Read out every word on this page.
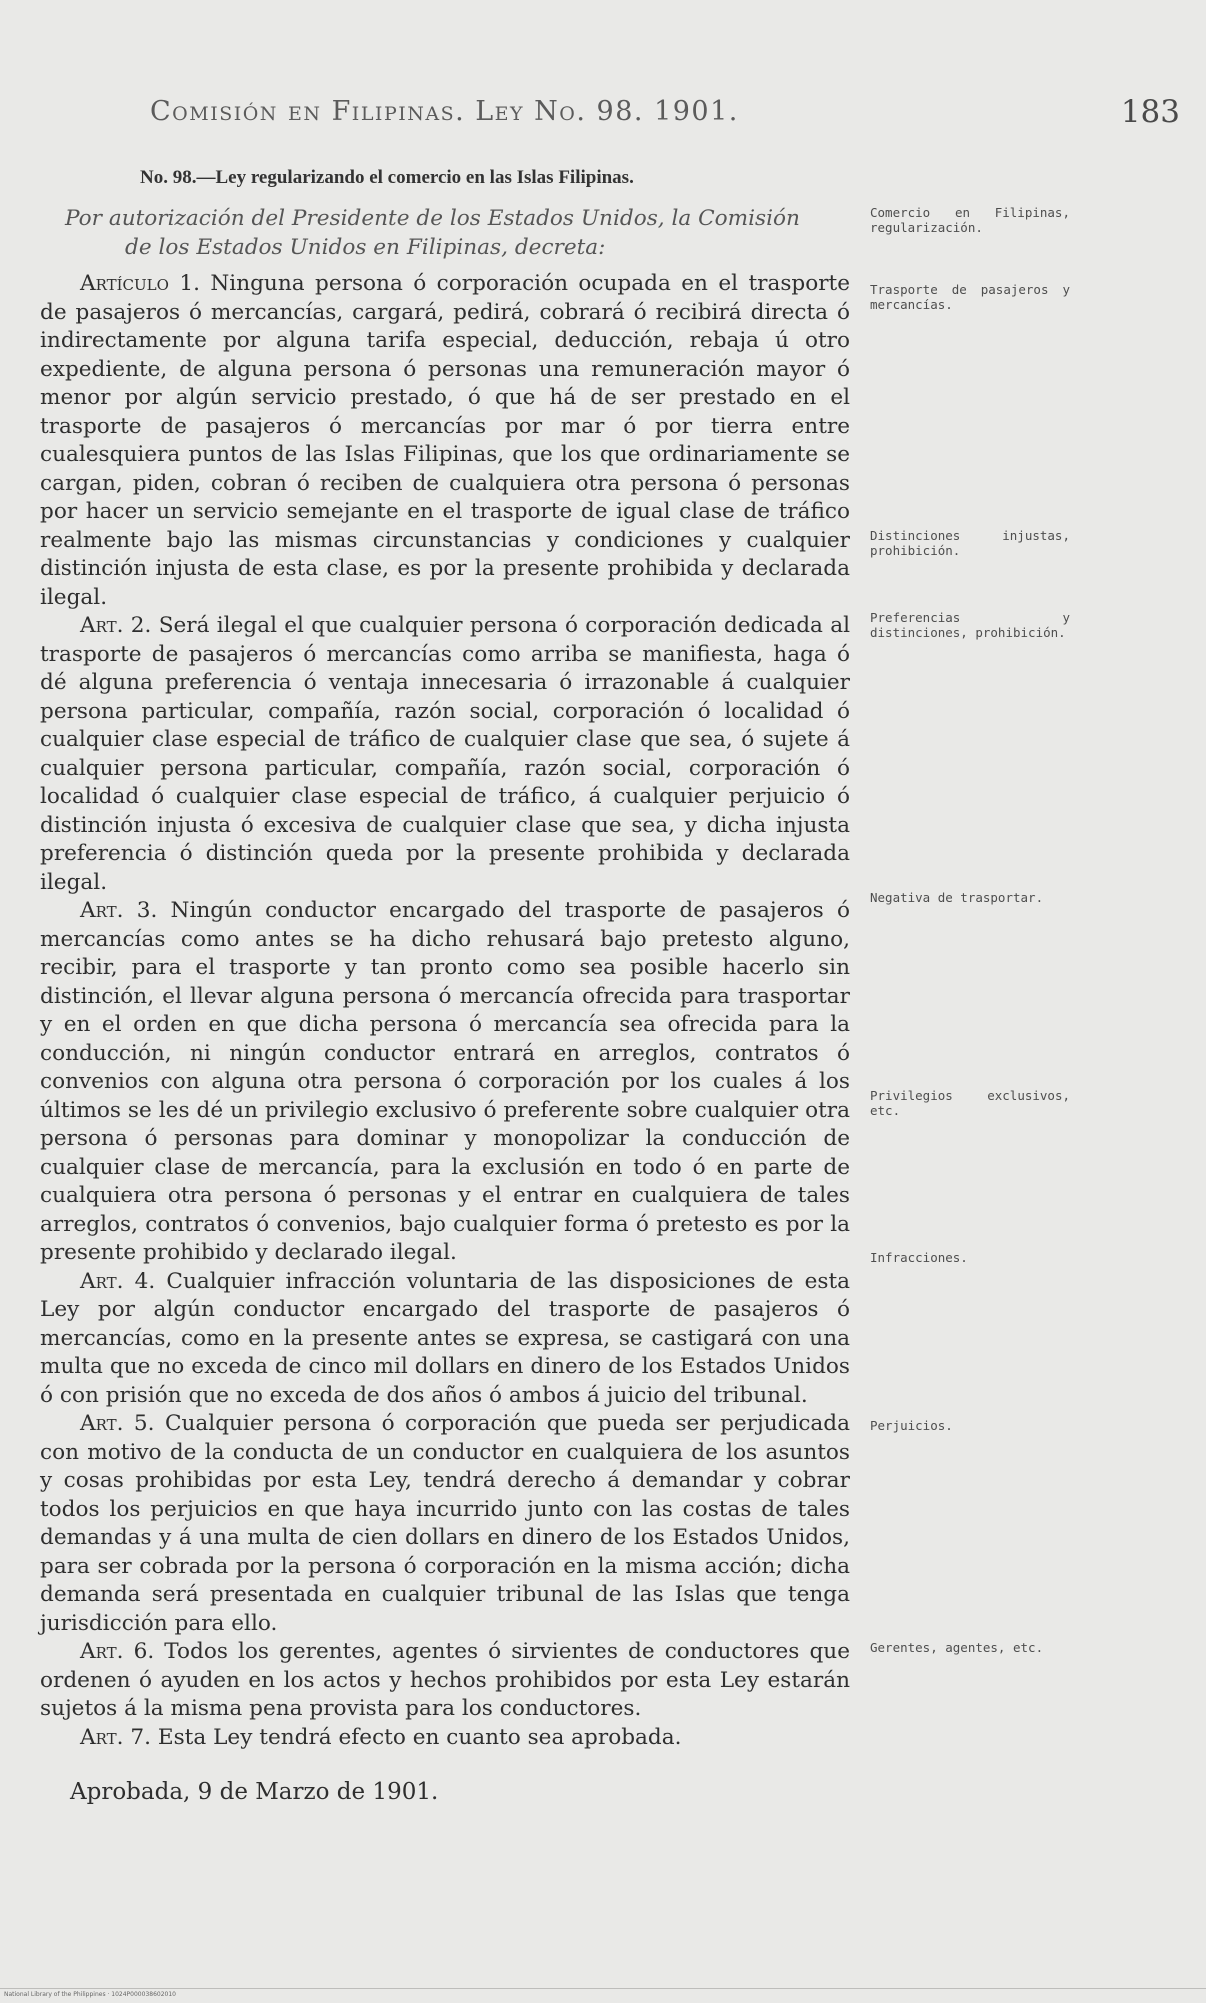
Comisión en Filipinas. Ley No. 98. 1901.	183
No. 98.—Ley regularizando el comercio en las Islas Filipinas.

Por autorización del Presidente de los Estados Unidos, la Comisión
de los Estados Unidos en Filipinas, decreta:

Artículo 1. Ninguna persona ó corporación ocupada en el trasporte de pasajeros ó mercancías, cargará, pedirá, cobrará ó recibirá directa ó indirectamente por alguna tarifa especial, deducción, rebaja ú otro expediente, de alguna persona ó personas una remuneración mayor ó menor por algún servicio prestado, ó que há de ser prestado en el trasporte de pasajeros ó mercancías por mar ó por tierra entre cualesquiera puntos de las Islas Filipinas, que los que ordinariamente se cargan, piden, cobran ó reciben de cualquiera otra persona ó personas por hacer un servicio semejante en el trasporte de igual clase de tráfico realmente bajo las mismas circunstancias y condiciones y cualquier distinción injusta de esta clase, es por la presente prohibida y declarada ilegal.

Art. 2. Será ilegal el que cualquier persona ó corporación dedicada al trasporte de pasajeros ó mercancías como arriba se manifiesta, haga ó dé alguna preferencia ó ventaja innecesaria ó irrazonable á cualquier persona particular, compañía, razón social, corporación ó localidad ó cualquier clase especial de tráfico de cualquier clase que sea, ó sujete á cualquier persona particular, compañía, razón social, corporación ó localidad ó cualquier clase especial de tráfico, á cualquier perjuicio ó distinción injusta ó excesiva de cualquier clase que sea, y dicha injusta preferencia ó distinción queda por la presente prohibida y declarada ilegal.

Art. 3. Ningún conductor encargado del trasporte de pasajeros ó mercancías como antes se ha dicho rehusará bajo pretesto alguno, recibir, para el trasporte y tan pronto como sea posible hacerlo sin distinción, el llevar alguna persona ó mercancía ofrecida para trasportar y en el orden en que dicha persona ó mercancía sea ofrecida para la conducción, ni ningún conductor entrará en arreglos, contratos ó convenios con alguna otra persona ó corporación por los cuales á los últimos se les dé un privilegio exclusivo ó preferente sobre cualquier otra persona ó personas para dominar y monopolizar la conducción de cualquier clase de mercancía, para la exclusión en todo ó en parte de cualquiera otra persona ó personas y el entrar en cualquiera de tales arreglos, contratos ó convenios, bajo cualquier forma ó pretesto es por la presente prohibido y declarado ilegal.

Art. 4. Cualquier infracción voluntaria de las disposiciones de esta Ley por algún conductor encargado del trasporte de pasajeros ó mercancías, como en la presente antes se expresa, se castigará con una multa que no exceda de cinco mil dollars en dinero de los Estados Unidos ó con prisión que no exceda de dos años ó ambos á juicio del tribunal.

Art. 5. Cualquier persona ó corporación que pueda ser perjudicada con motivo de la conducta de un conductor en cualquiera de los asuntos y cosas prohibidas por esta Ley, tendrá derecho á demandar y cobrar todos los perjuicios en que haya incurrido junto con las costas de tales demandas y á una multa de cien dollars en dinero de los Estados Unidos, para ser cobrada por la persona ó corporación en la misma acción; dicha demanda será presentada en cualquier tribunal de las Islas que tenga jurisdicción para ello.

Art. 6. Todos los gerentes, agentes ó sirvientes de conductores que ordenen ó ayuden en los actos y hechos prohibidos por esta Ley estarán sujetos á la misma pena provista para los conductores.

Art. 7. Esta Ley tendrá efecto en cuanto sea aprobada.

Aprobada, 9 de Marzo de 1901.

Comercio en Filipinas, regularización.
Trasporte de pasajeros y mercancías.
Distinciones injustas, prohibición.
Preferencias y distinciones, prohibición.
Negativa de trasportar.
Privilegios exclusivos, etc.
Infracciones.
Perjuicios.
Gerentes, agentes, etc.
National Library of the Philippines · 1024P000038602010
